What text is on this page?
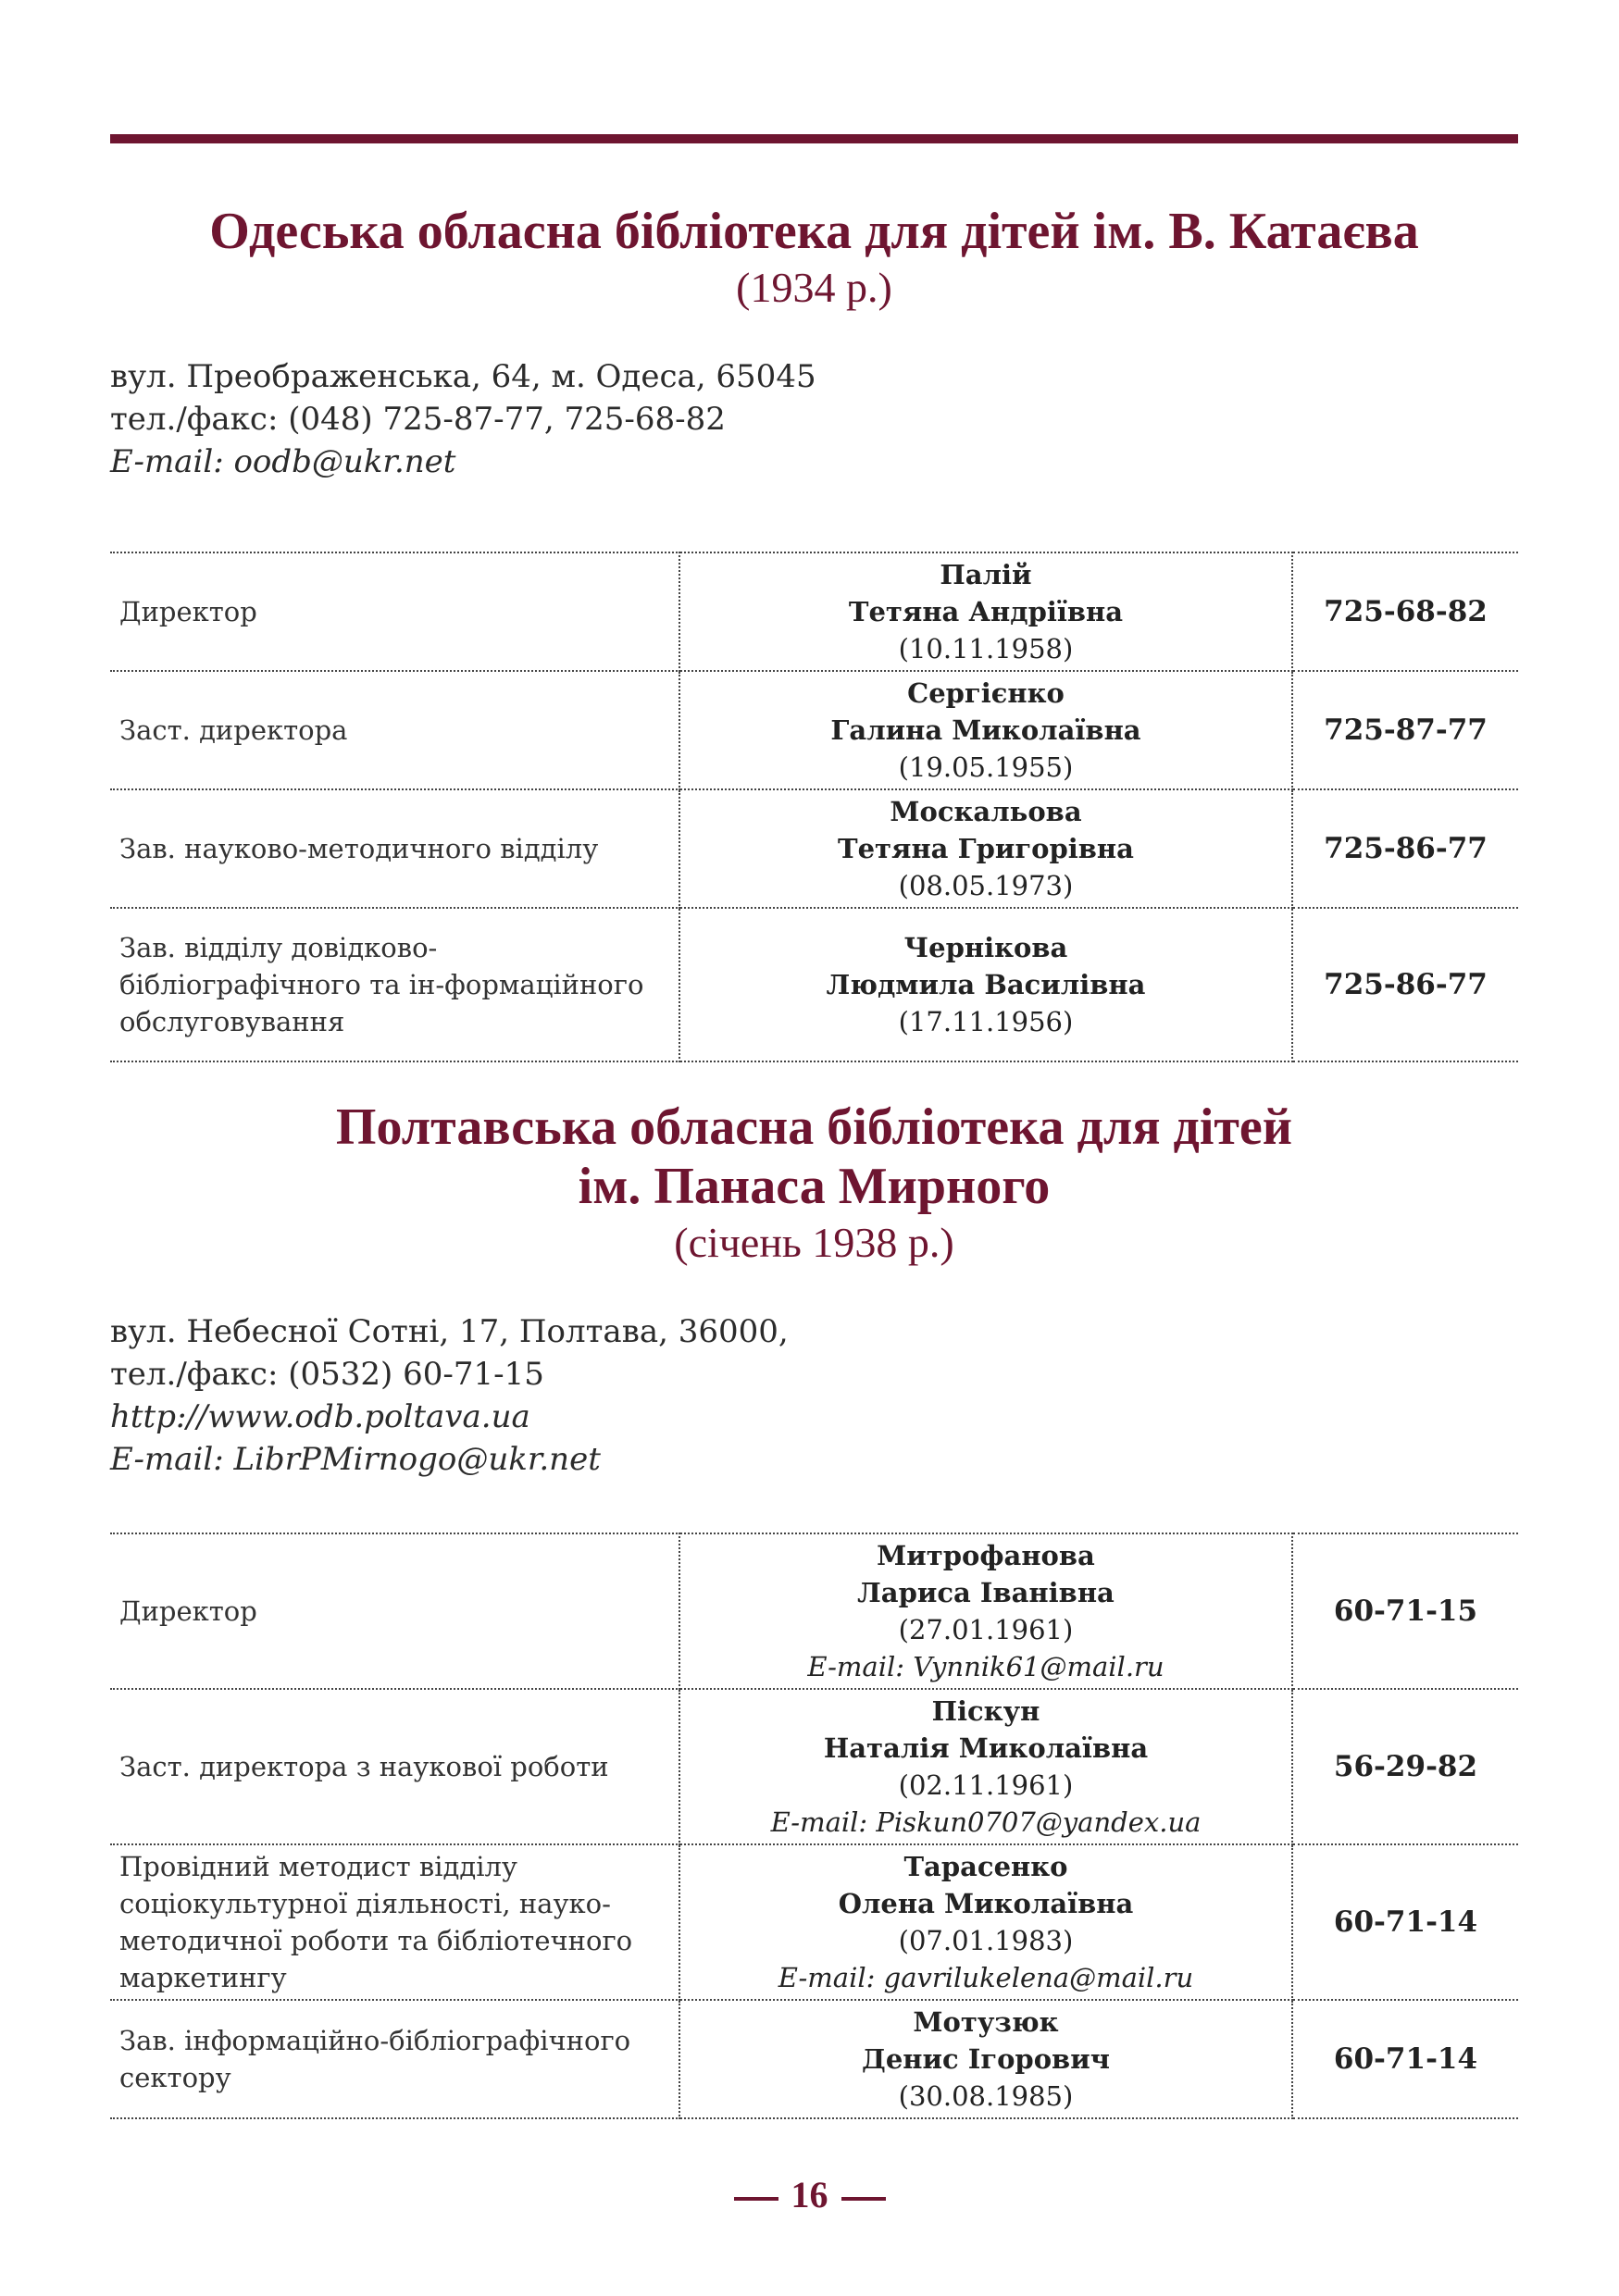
Одеська обласна бібліотека для дітей ім. В. Катаєва
(1934 р.)
вул. Преображенська, 64, м. Одеса, 65045
тел./факс: (048) 725-87-77, 725-68-82
E-mail: oodb@ukr.net
Директор	Палій
Тетяна Андріївна
(10.11.1958)	725-68-82
Заст. директора	Сергієнко
Галина Миколаївна
(19.05.1955)	725-87-77
Зав. науково-методичного відділу	Москальова
Тетяна Григорівна
(08.05.1973)	725-86-77
Зав. відділу довідково-бібліографічного та ін-формаційного обслуговування	Чернікова
Людмила Василівна
(17.11.1956)	725-86-77
Полтавська обласна бібліотека для дітей
ім. Панаса Мирного
(січень 1938 р.)
вул. Небесної Сотні, 17, Полтава, 36000,
тел./факс: (0532) 60-71-15
http://www.odb.poltava.ua
E-mail: LibrPMirnogo@ukr.net
Директор	Митрофанова
Лариса Іванівна
(27.01.1961)
E-mail: Vynnik61@mail.ru	60-71-15
Заст. директора з наукової роботи	Піскун
Наталія Миколаївна
(02.11.1961)
E-mail: Piskun0707@yandex.ua	56-29-82
Провідний методист відділу соціокультурної діяльності, науко-методичної роботи та бібліотечного маркетингу	Тарасенко
Олена Миколаївна
(07.01.1983)
E-mail: gavrilukelena@mail.ru	60-71-14
Зав. інформаційно-бібліографічного сектору	Мотузюк
Денис Ігорович
(30.08.1985)	60-71-14
16
